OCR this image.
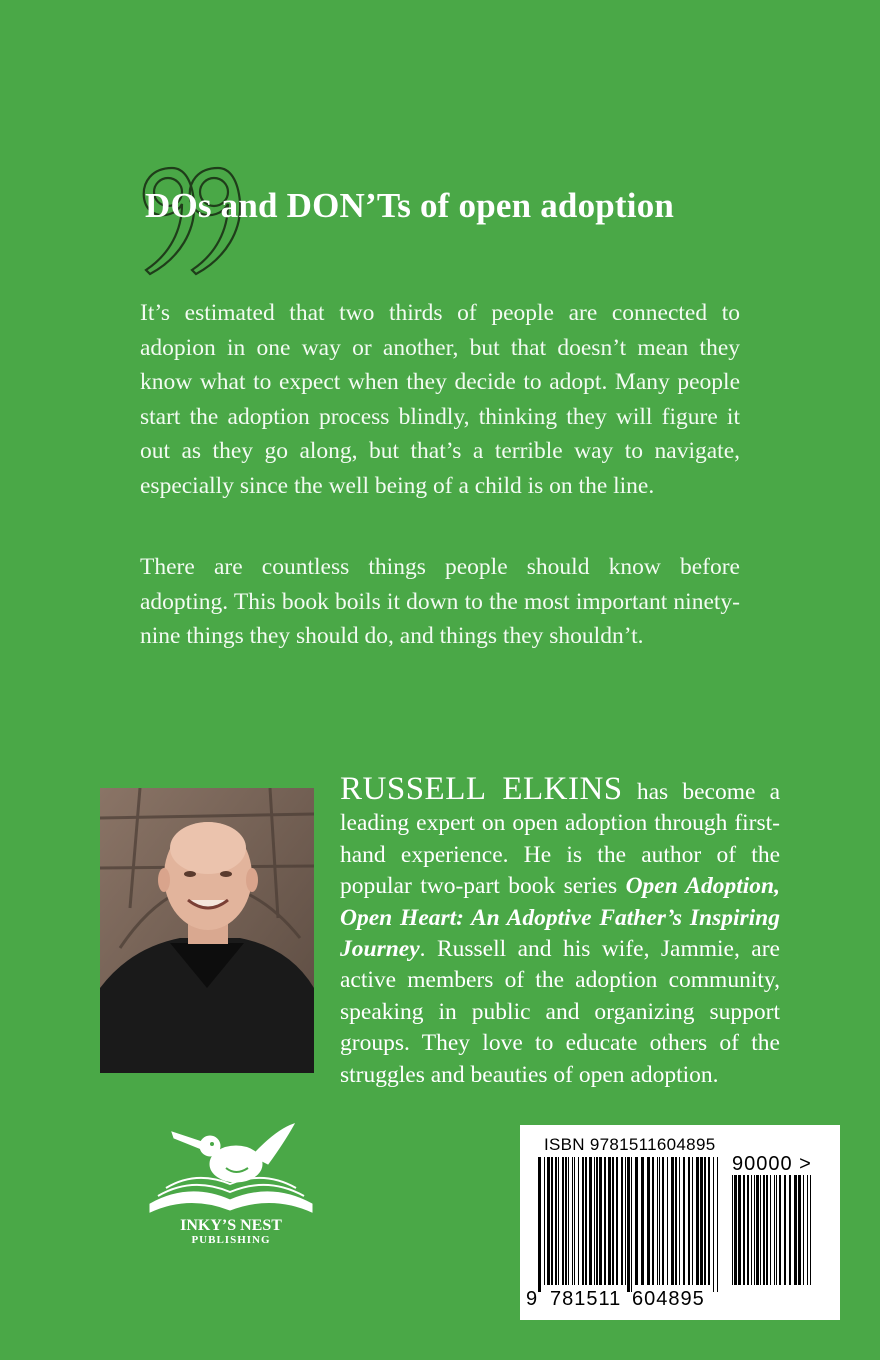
DOs and DON’Ts of open adoption

It’s estimated that two thirds of people are connected to adopion in one way or another, but that doesn’t mean they know what to expect when they decide to adopt. Many people start the adoption process blindly, thinking they will figure it out as they go along, but that’s a terrible way to navigate, especially since the well being of a child is on the line.

There are countless things people should know before adopting. This book boils it down to the most important ninety-nine things they should do, and things they shouldn’t.

RUSSELL ELKINS has become a leading expert on open adoption through first-hand experience. He is the author of the popular two-part book series Open Adoption, Open Heart: An Adoptive Father’s Inspiring Journey. Russell and his wife, Jammie, are active members of the adoption community, speaking in public and organizing support groups. They love to educate others of the struggles and beauties of open adoption.
INKY’S NEST
PUBLISHING
ISBN 9781511604895
90000 >
9 781511 604895
